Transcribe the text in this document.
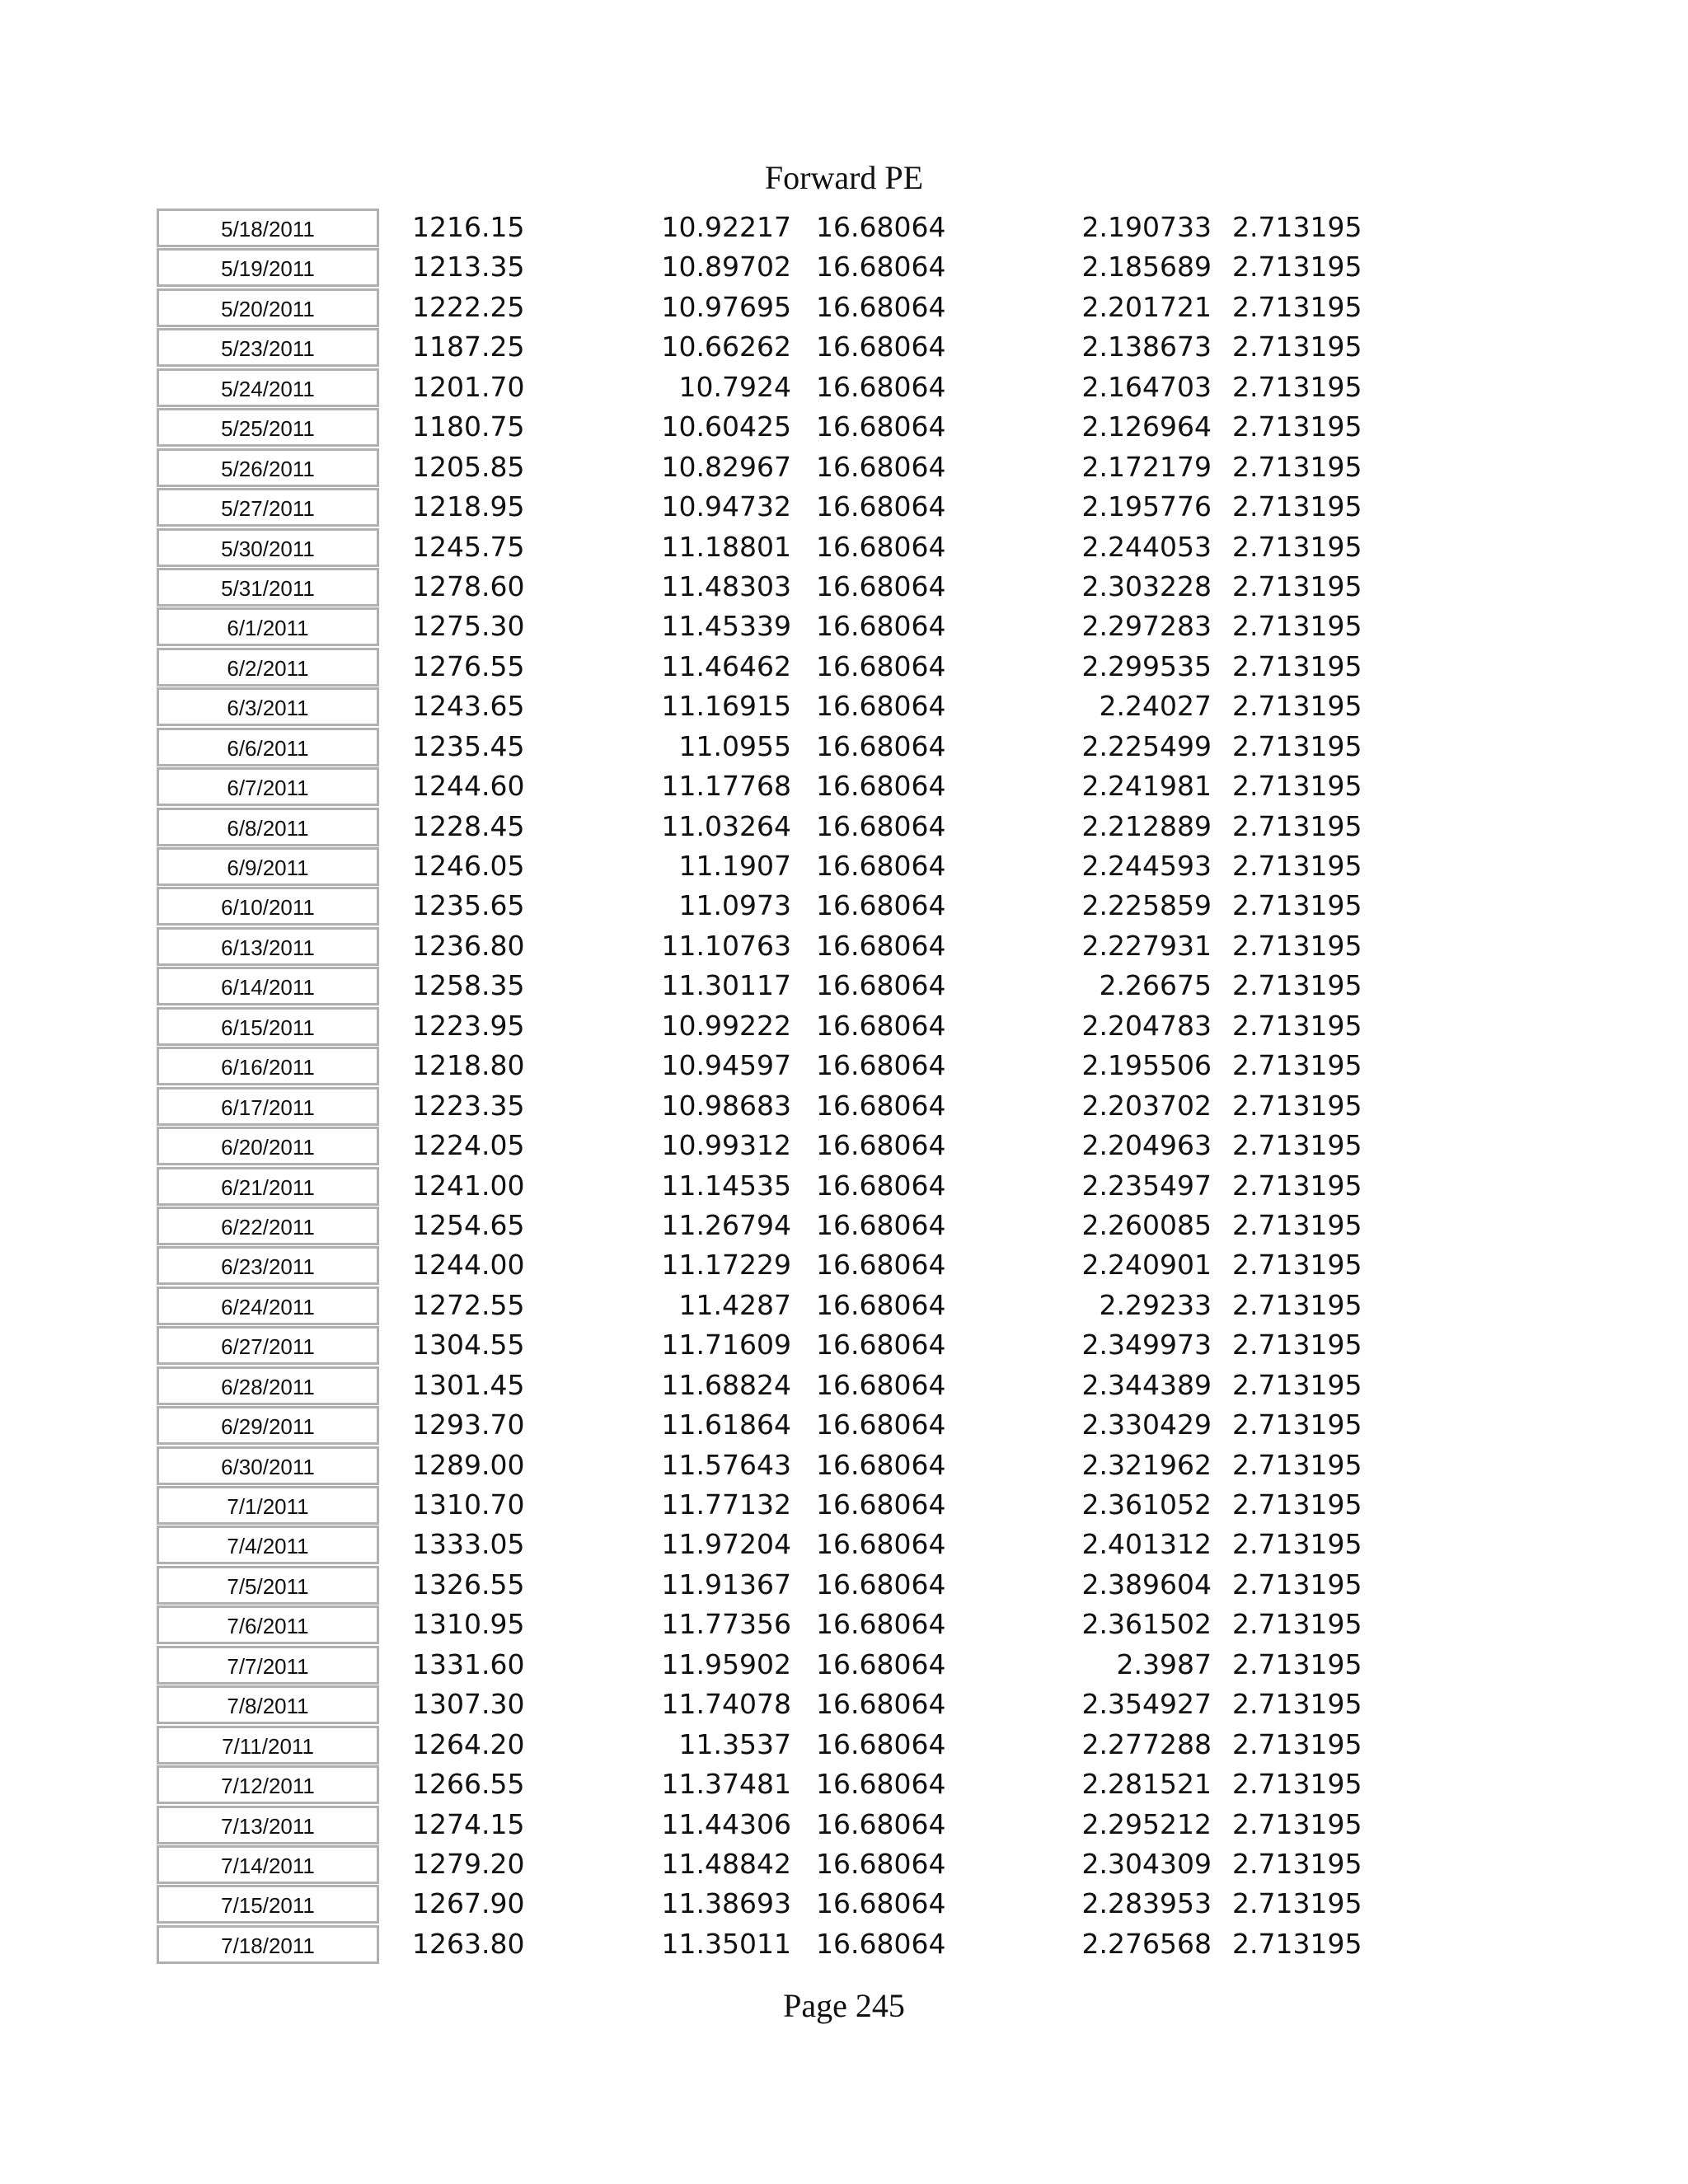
Forward PE
5/18/2011	1216.15	10.92217 16.68064	2.190733 2.713195
5/19/2011	1213.35	10.89702 16.68064	2.185689 2.713195
5/20/2011	1222.25	10.97695 16.68064	2.201721 2.713195
5/23/2011	1187.25	10.66262 16.68064	2.138673 2.713195
5/24/2011	1201.70	10.7924 16.68064	2.164703 2.713195
5/25/2011	1180.75	10.60425 16.68064	2.126964 2.713195
5/26/2011	1205.85	10.82967 16.68064	2.172179 2.713195
5/27/2011	1218.95	10.94732 16.68064	2.195776 2.713195
5/30/2011	1245.75	11.18801 16.68064	2.244053 2.713195
5/31/2011	1278.60	11.48303 16.68064	2.303228 2.713195
6/1/2011	1275.30	11.45339 16.68064	2.297283 2.713195
6/2/2011	1276.55	11.46462 16.68064	2.299535 2.713195
6/3/2011	1243.65	11.16915 16.68064	2.24027 2.713195
6/6/2011	1235.45	11.0955 16.68064	2.225499 2.713195
6/7/2011	1244.60	11.17768 16.68064	2.241981 2.713195
6/8/2011	1228.45	11.03264 16.68064	2.212889 2.713195
6/9/2011	1246.05	11.1907 16.68064	2.244593 2.713195
6/10/2011	1235.65	11.0973 16.68064	2.225859 2.713195
6/13/2011	1236.80	11.10763 16.68064	2.227931 2.713195
6/14/2011	1258.35	11.30117 16.68064	2.26675 2.713195
6/15/2011	1223.95	10.99222 16.68064	2.204783 2.713195
6/16/2011	1218.80	10.94597 16.68064	2.195506 2.713195
6/17/2011	1223.35	10.98683 16.68064	2.203702 2.713195
6/20/2011	1224.05	10.99312 16.68064	2.204963 2.713195
6/21/2011	1241.00	11.14535 16.68064	2.235497 2.713195
6/22/2011	1254.65	11.26794 16.68064	2.260085 2.713195
6/23/2011	1244.00	11.17229 16.68064	2.240901 2.713195
6/24/2011	1272.55	11.4287 16.68064	2.29233 2.713195
6/27/2011	1304.55	11.71609 16.68064	2.349973 2.713195
6/28/2011	1301.45	11.68824 16.68064	2.344389 2.713195
6/29/2011	1293.70	11.61864 16.68064	2.330429 2.713195
6/30/2011	1289.00	11.57643 16.68064	2.321962 2.713195
7/1/2011	1310.70	11.77132 16.68064	2.361052 2.713195
7/4/2011	1333.05	11.97204 16.68064	2.401312 2.713195
7/5/2011	1326.55	11.91367 16.68064	2.389604 2.713195
7/6/2011	1310.95	11.77356 16.68064	2.361502 2.713195
7/7/2011	1331.60	11.95902 16.68064	2.3987 2.713195
7/8/2011	1307.30	11.74078 16.68064	2.354927 2.713195
7/11/2011	1264.20	11.3537 16.68064	2.277288 2.713195
7/12/2011	1266.55	11.37481 16.68064	2.281521 2.713195
7/13/2011	1274.15	11.44306 16.68064	2.295212 2.713195
7/14/2011	1279.20	11.48842 16.68064	2.304309 2.713195
7/15/2011	1267.90	11.38693 16.68064	2.283953 2.713195
7/18/2011	1263.80	11.35011 16.68064	2.276568 2.713195
Page 245
